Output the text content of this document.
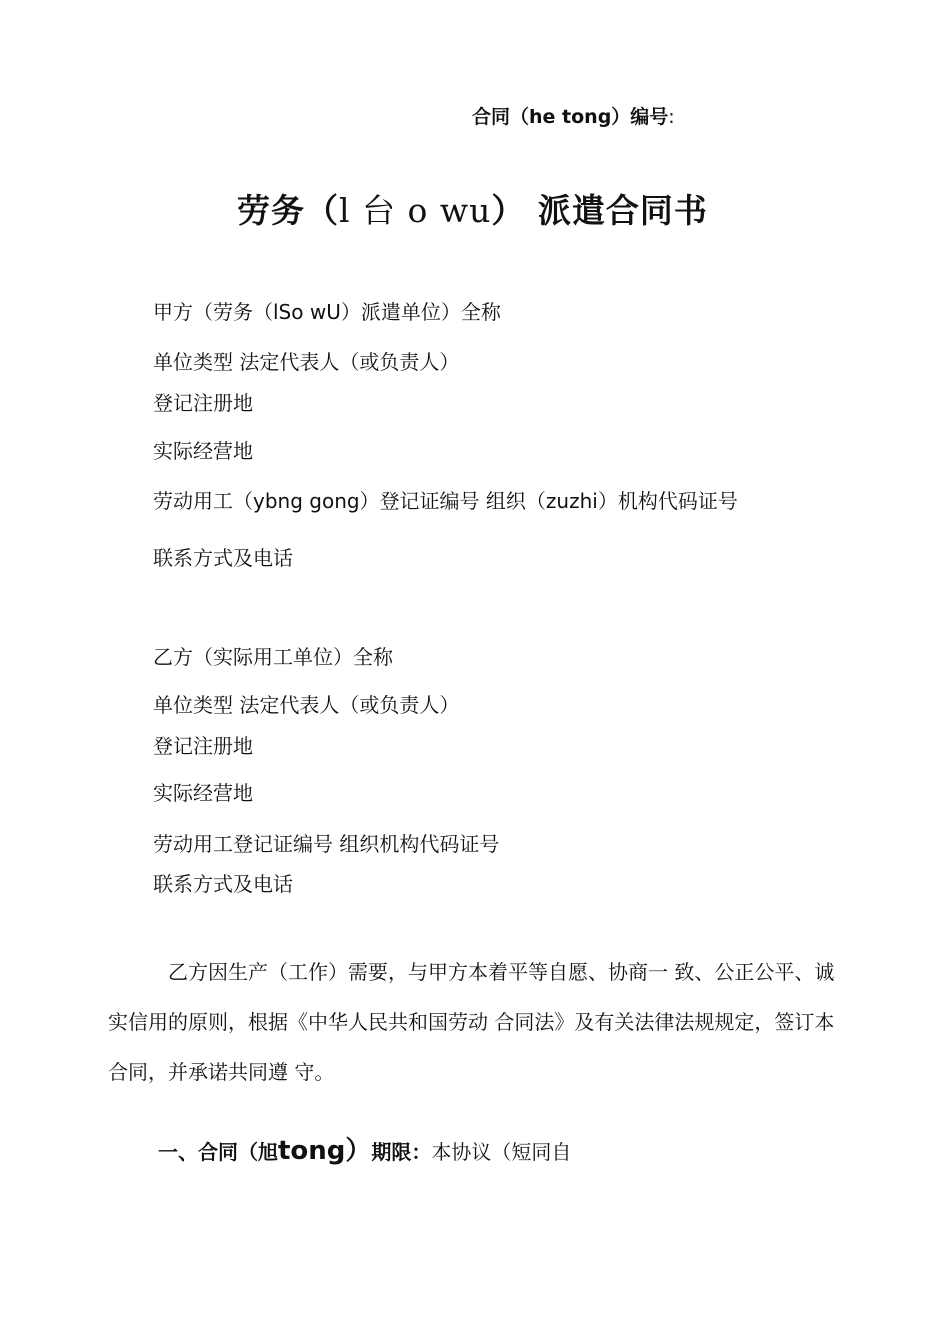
合同（he tong）编号:
劳务（l 台 o wu） 派遣合同书
甲方（劳务（lSo wU）派遣单位）全称
单位类型 法定代表人（或负责人）
登记注册地
实际经营地
劳动用工（ybng gong）登记证编号 组织（zuzhi）机构代码证号
联系方式及电话
乙方（实际用工单位）全称
单位类型 法定代表人（或负责人）
登记注册地
实际经营地
劳动用工登记证编号 组织机构代码证号
联系方式及电话
乙方因生产（工作）需要，与甲方本着平等自愿、协商一 致、公正公平、诚实信用的原则，根据《中华人民共和国劳动 合同法》及有关法律法规规定，签订本合同，并承诺共同遵 守。
一、合同（旭tong）期限：本协议（短同自
